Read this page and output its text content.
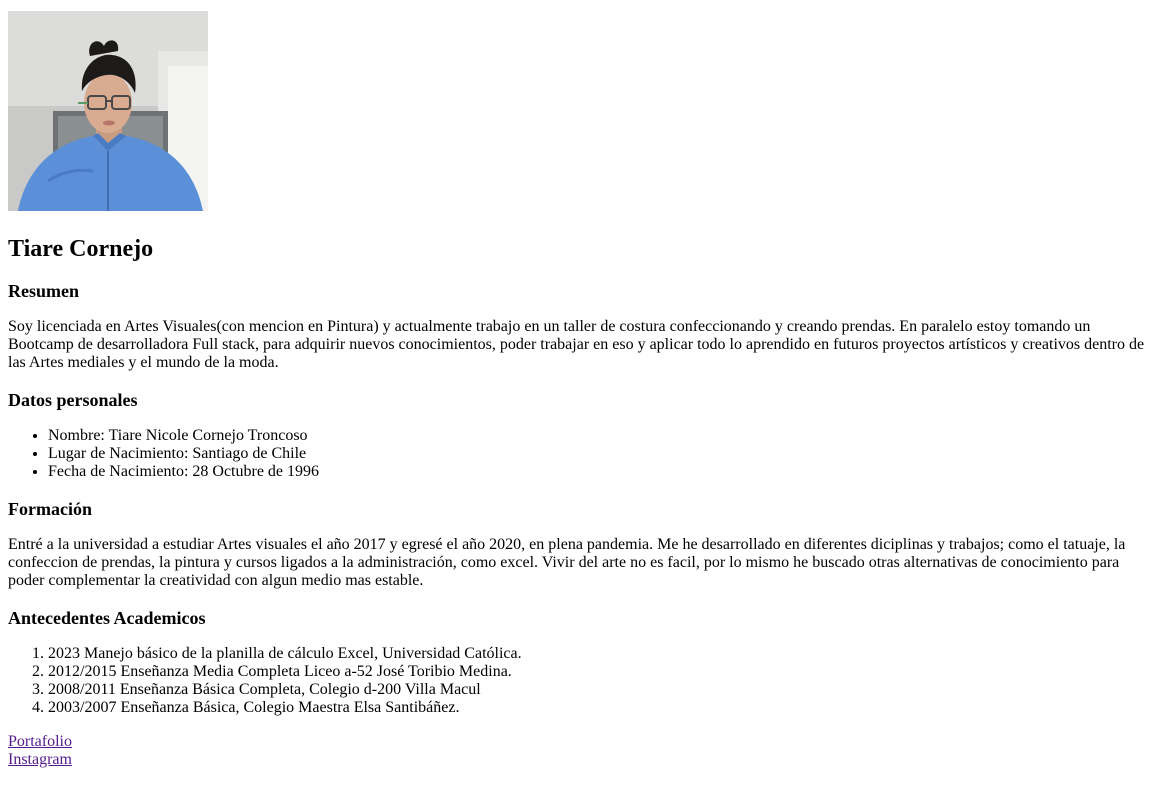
Tiare Cornejo
Resumen

Soy licenciada en Artes Visuales(con mencion en Pintura) y actualmente trabajo en un taller de costura confeccionando y creando prendas. En paralelo estoy tomando un Bootcamp de desarrolladora Full stack, para adquirir nuevos conocimientos, poder trabajar en eso y aplicar todo lo aprendido en futuros proyectos artísticos y creativos dentro de las Artes mediales y el mundo de la moda.

Datos personales
• Nombre: Tiare Nicole Cornejo Troncoso
• Lugar de Nacimiento: Santiago de Chile
• Fecha de Nacimiento: 28 Octubre de 1996
Formación

Entré a la universidad a estudiar Artes visuales el año 2017 y egresé el año 2020, en plena pandemia. Me he desarrollado en diferentes diciplinas y trabajos; como el tatuaje, la confeccion de prendas, la pintura y cursos ligados a la administración, como excel. Vivir del arte no es facil, por lo mismo he buscado otras alternativas de conocimiento para poder complementar la creatividad con algun medio mas estable.

Antecedentes Academicos
1. 2023 Manejo básico de la planilla de cálculo Excel, Universidad Católica.
2. 2012/2015 Enseñanza Media Completa Liceo a-52 José Toribio Medina.
3. 2008/2011 Enseñanza Básica Completa, Colegio d-200 Villa Macul
4. 2003/2007 Enseñanza Básica, Colegio Maestra Elsa Santibáñez.
Portafolio
Instagram
